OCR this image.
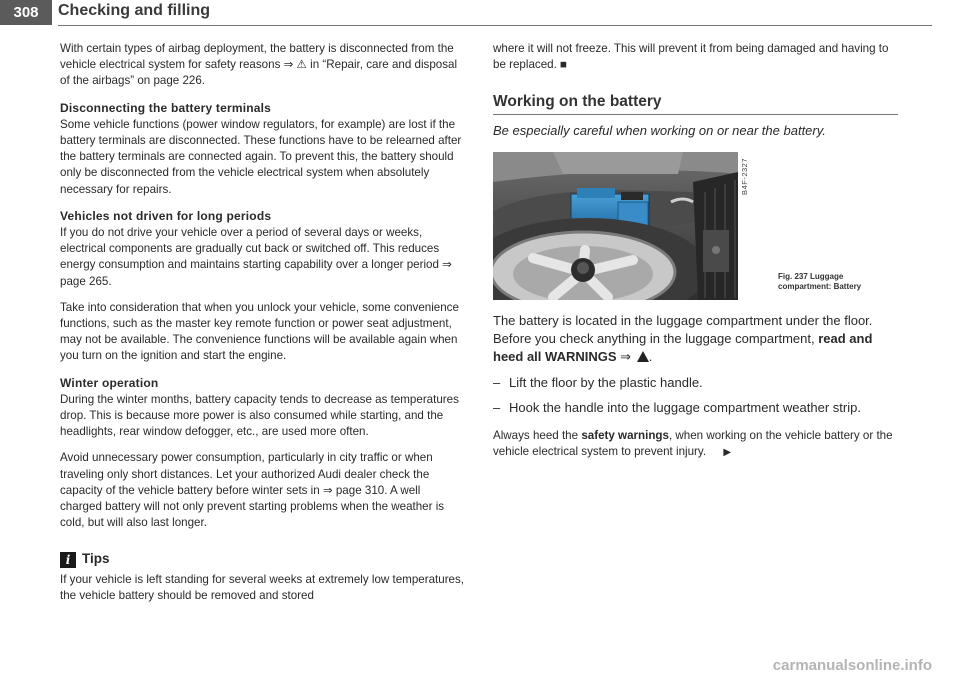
308	Checking and filling

With certain types of airbag deployment, the battery is disconnected from the vehicle electrical system for safety reasons ⇒ ⚠ in “Repair, care and disposal of the airbags” on page 226.

Disconnecting the battery terminals

Some vehicle functions (power window regulators, for example) are lost if the battery terminals are disconnected. These functions have to be relearned after the battery terminals are connected again. To prevent this, the battery should only be disconnected from the vehicle electrical system when absolutely necessary for repairs.

Vehicles not driven for long periods

If you do not drive your vehicle over a period of several days or weeks, electrical components are gradually cut back or switched off. This reduces energy consumption and maintains starting capability over a longer period ⇒ page 265.

Take into consideration that when you unlock your vehicle, some convenience functions, such as the master key remote function or power seat adjustment, may not be available. The convenience functions will be available again when you turn on the ignition and start the engine.

Winter operation

During the winter months, battery capacity tends to decrease as temperatures drop. This is because more power is also consumed while starting, and the headlights, rear window defogger, etc., are used more often.

Avoid unnecessary power consumption, particularly in city traffic or when traveling only short distances. Let your authorized Audi dealer check the capacity of the vehicle battery before winter sets in ⇒ page 310. A well charged battery will not only prevent starting problems when the weather is cold, but will also last longer.

i Tips

If your vehicle is left standing for several weeks at extremely low temperatures, the vehicle battery should be removed and stored

where it will not freeze. This will prevent it from being damaged and having to be replaced. ■

Working on the battery

Be especially careful when working on or near the battery.

B4F-2327
Fig. 237 Luggage
compartment: Battery

The battery is located in the luggage compartment under the floor. Before you check anything in the luggage compartment, read and heed all WARNINGS ⇒ .

– Lift the floor by the plastic handle.
– Hook the handle into the luggage compartment weather strip.

Always heed the safety warnings, when working on the vehicle battery or the vehicle electrical system to prevent injury. ▶

carmanualsonline.info
